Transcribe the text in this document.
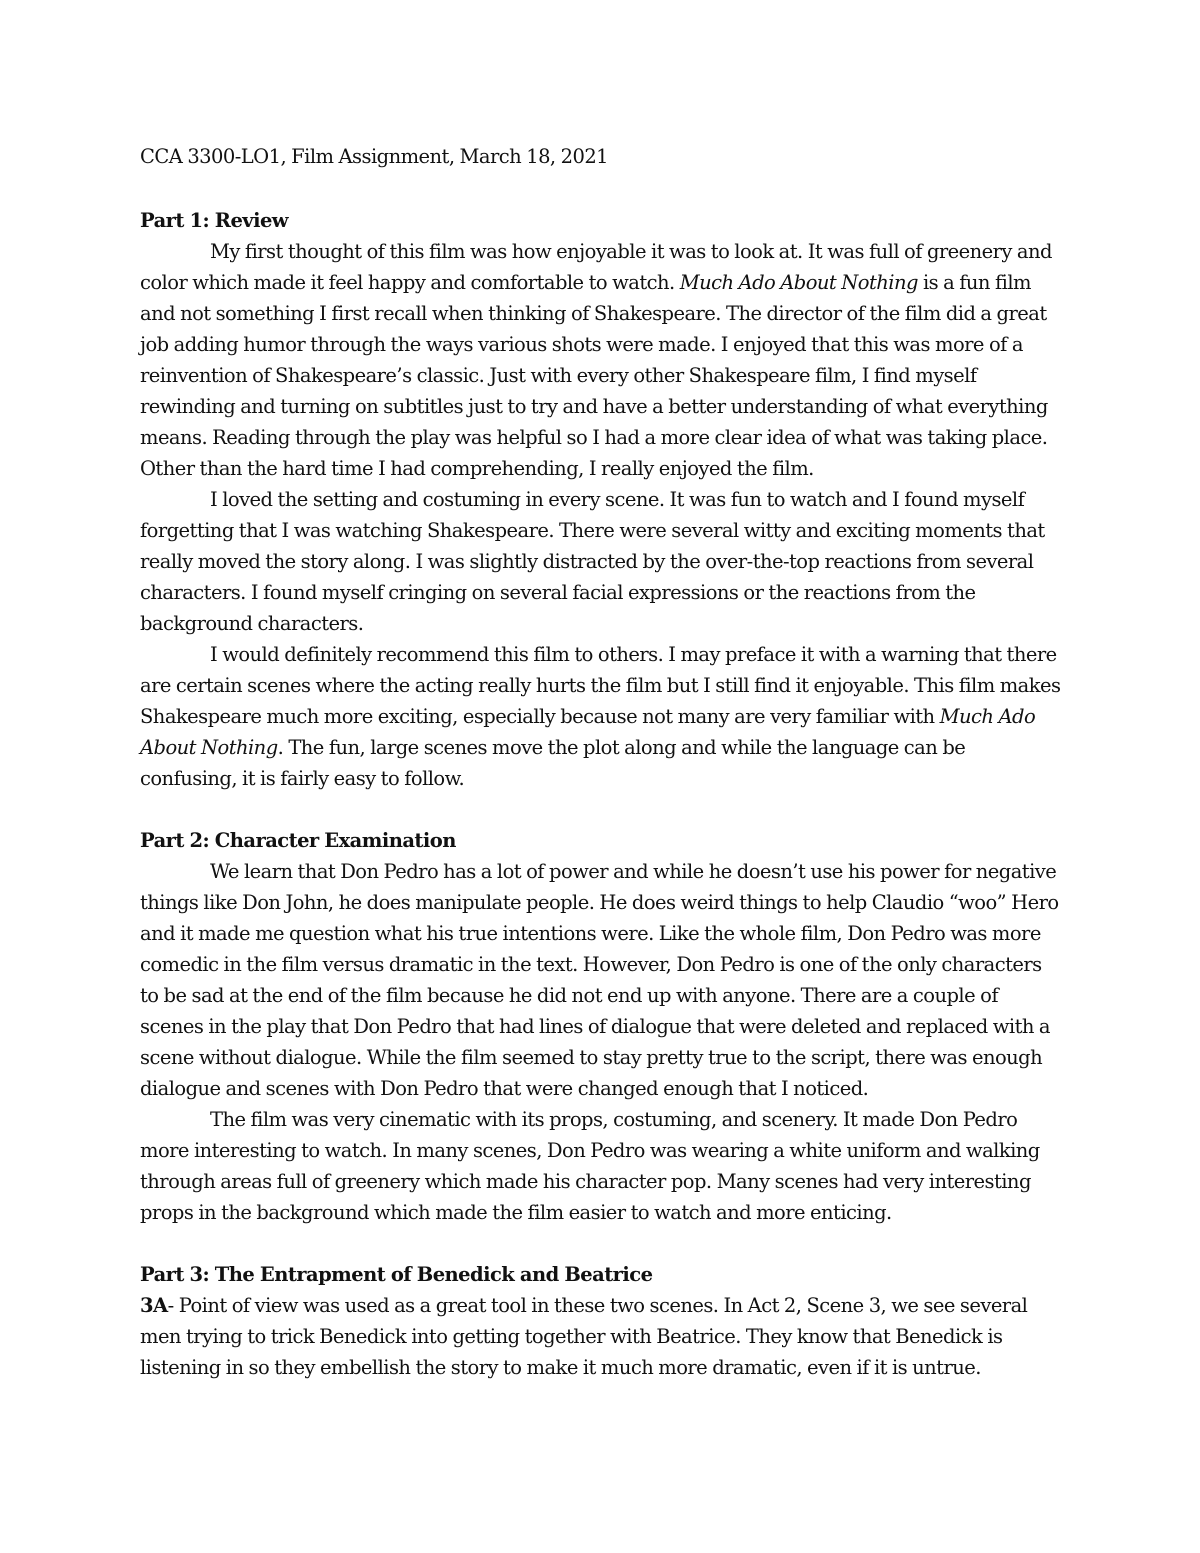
CCA 3300-LO1, Film Assignment, March 18, 2021
Part 1: Review

My first thought of this film was how enjoyable it was to look at. It was full of greenery and color which made it feel happy and comfortable to watch. Much Ado About Nothing is a fun film and not something I first recall when thinking of Shakespeare. The director of the film did a great job adding humor through the ways various shots were made. I enjoyed that this was more of a reinvention of Shakespeare’s classic. Just with every other Shakespeare film, I find myself rewinding and turning on subtitles just to try and have a better understanding of what everything means. Reading through the play was helpful so I had a more clear idea of what was taking place. Other than the hard time I had comprehending, I really enjoyed the film.

I loved the setting and costuming in every scene. It was fun to watch and I found myself forgetting that I was watching Shakespeare. There were several witty and exciting moments that really moved the story along. I was slightly distracted by the over-the-top reactions from several characters. I found myself cringing on several facial expressions or the reactions from the background characters.

I would definitely recommend this film to others. I may preface it with a warning that there are certain scenes where the acting really hurts the film but I still find it enjoyable. This film makes Shakespeare much more exciting, especially because not many are very familiar with Much Ado About Nothing. The fun, large scenes move the plot along and while the language can be confusing, it is fairly easy to follow.

Part 2: Character Examination

We learn that Don Pedro has a lot of power and while he doesn’t use his power for negative things like Don John, he does manipulate people. He does weird things to help Claudio “woo” Hero and it made me question what his true intentions were. Like the whole film, Don Pedro was more comedic in the film versus dramatic in the text. However, Don Pedro is one of the only characters to be sad at the end of the film because he did not end up with anyone. There are a couple of scenes in the play that Don Pedro that had lines of dialogue that were deleted and replaced with a scene without dialogue. While the film seemed to stay pretty true to the script, there was enough dialogue and scenes with Don Pedro that were changed enough that I noticed.

The film was very cinematic with its props, costuming, and scenery. It made Don Pedro more interesting to watch. In many scenes, Don Pedro was wearing a white uniform and walking through areas full of greenery which made his character pop. Many scenes had very interesting props in the background which made the film easier to watch and more enticing.

Part 3: The Entrapment of Benedick and Beatrice

3A- Point of view was used as a great tool in these two scenes. In Act 2, Scene 3, we see several men trying to trick Benedick into getting together with Beatrice. They know that Benedick is listening in so they embellish the story to make it much more dramatic, even if it is untrue.
